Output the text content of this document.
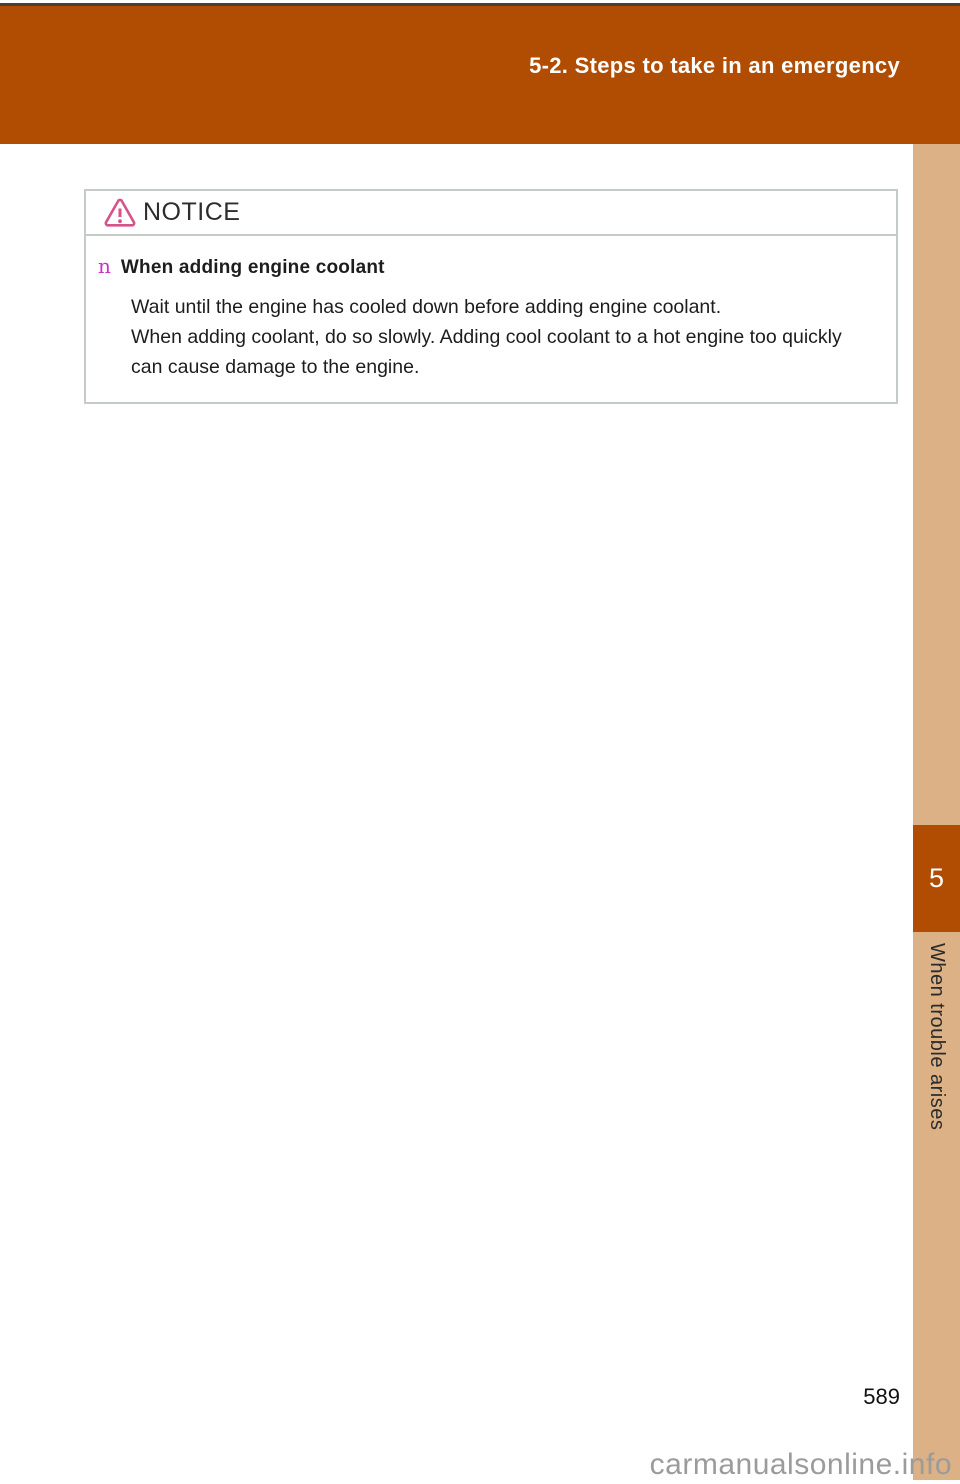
5-2. Steps to take in an emergency
5
When trouble arises
NOTICE
n When adding engine coolant

Wait until the engine has cooled down before adding engine coolant.

When adding coolant, do so slowly. Adding cool coolant to a hot engine too quickly can cause damage to the engine.

589
carmanualsonline.info
